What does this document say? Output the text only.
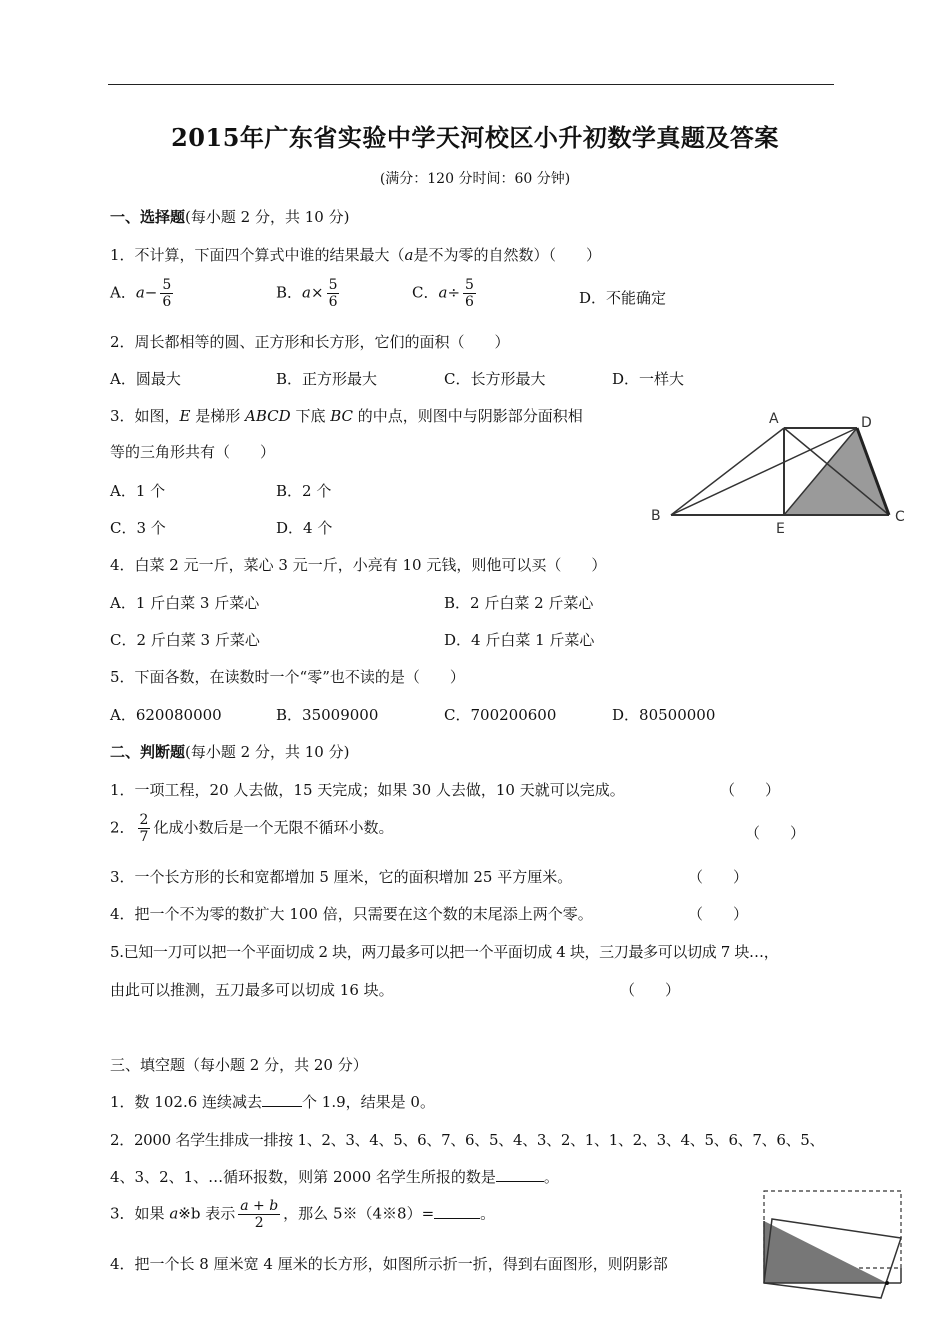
2015年广东省实验中学天河校区小升初数学真题及答案
(满分：120 分时间：60 分钟)
一、选择题(每小题 2 分，共 10 分)
1．不计算，下面四个算式中谁的结果最大（a是不为零的自然数）（　　）
A．$a- \frac{5}{6}$	B．$a\times \frac{5}{6}$	C．$a\div \frac{5}{6}$	D．不能确定
2．周长都相等的圆、正方形和长方形，它们的面积（　　）
A．圆最大	B．正方形最大	C．长方形最大	D．一样大
3．如图，E 是梯形 ABCD 下底 BC 的中点，则图中与阴影部分面积相
等的三角形共有（　　）
A．1 个	B．2 个
C．3 个	D．4 个
A	D
B	C
E
4．白菜 2 元一斤，菜心 3 元一斤，小亮有 10 元钱，则他可以买（　　）
A．1 斤白菜 3 斤菜心	B．2 斤白菜 2 斤菜心
C．2 斤白菜 3 斤菜心	D．4 斤白菜 1 斤菜心
5．下面各数，在读数时一个“零”也不读的是（　　）
A．620080000	B．35009000	C．700200600	D．80500000
二、判断题(每小题 2 分，共 10 分)
1．一项工程，20 人去做，15 天完成；如果 30 人去做，10 天就可以完成。	（　　）
2． $\frac{2}{7}$ 化成小数后是一个无限不循环小数。	（　　）
3．一个长方形的长和宽都增加 5 厘米，它的面积增加 25 平方厘米。	（　　）
4．把一个不为零的数扩大 100 倍，只需要在这个数的末尾添上两个零。	（　　）
5.已知一刀可以把一个平面切成 2 块，两刀最多可以把一个平面切成 4 块，三刀最多可以切成 7 块…，
由此可以推测，五刀最多可以切成 16 块。	（　　）
三、填空题（每小题 2 分，共 20 分）
1．数 102.6 连续减去	个 1.9，结果是 0。
2．2000 名学生排成一排按 1、2、3、4、5、6、7、6、5、4、3、2、1、1、2、3、4、5、6、7、6、5、
4、3、2、1、…循环报数，则第 2000 名学生所报的数是	。
3．如果 a※b 表示 $\frac{a + b}{2}$ ，那么 5※（4※8）=	。
4．把一个长 8 厘米宽 4 厘米的长方形，如图所示折一折，得到右面图形，则阴影部
